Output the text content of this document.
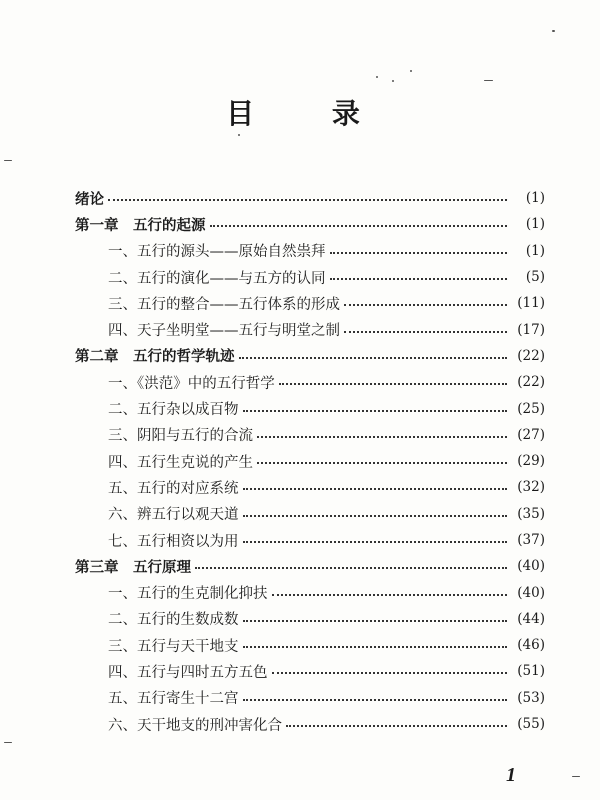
目 录
绪论	(1)
第一章　五行的起源	(1)
一、五行的源头——原始自然祟拜	(1)
二、五行的演化——与五方的认同	(5)
三、五行的整合——五行体系的形成	(11)
四、天子坐明堂——五行与明堂之制	(17)
第二章　五行的哲学轨迹	(22)
一、《洪范》中的五行哲学	(22)
二、五行杂以成百物	(25)
三、阴阳与五行的合流	(27)
四、五行生克说的产生	(29)
五、五行的对应系统	(32)
六、辨五行以观天道	(35)
七、五行相资以为用	(37)
第三章　五行原理	(40)
一、五行的生克制化抑扶	(40)
二、五行的生数成数	(44)
三、五行与天干地支	(46)
四、五行与四时五方五色	(51)
五、五行寄生十二宫	(53)
六、天干地支的刑冲害化合	(55)
1
